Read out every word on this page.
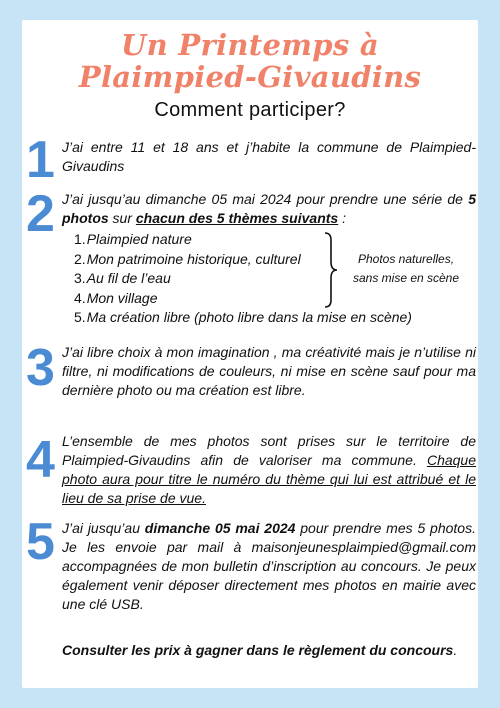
Un Printemps à
Plaimpied-Givaudins
Comment participer?
1 J’ai entre 11 et 18 ans et j’habite la commune de Plaimpied-Givaudins
2 J’ai jusqu’au dimanche 05 mai 2024 pour prendre une série de 5 photos sur chacun des 5 thèmes suivants :
1.Plaimpied nature
2.Mon patrimoine historique, culturel
3.Au fil de l’eau
4.Mon village
5.Ma création libre (photo libre dans la mise en scène)
Photos naturelles,
sans mise en scène
3 J’ai libre choix à mon imagination , ma créativité mais je n’utilise ni filtre, ni modifications de couleurs, ni mise en scène sauf pour ma dernière photo ou ma création est libre.
4 L’ensemble de mes photos sont prises sur le territoire de Plaimpied-Givaudins afin de valoriser ma commune. Chaque photo aura pour titre le numéro du thème qui lui est attribué et le lieu de sa prise de vue.
5 J’ai jusqu’au dimanche 05 mai 2024 pour prendre mes 5 photos. Je les envoie par mail à maisonjeunesplaimpied@gmail.com accompagnées de mon bulletin d’inscription au concours. Je peux également venir déposer directement mes photos en mairie avec une clé USB.
Consulter les prix à gagner dans le règlement du concours.
